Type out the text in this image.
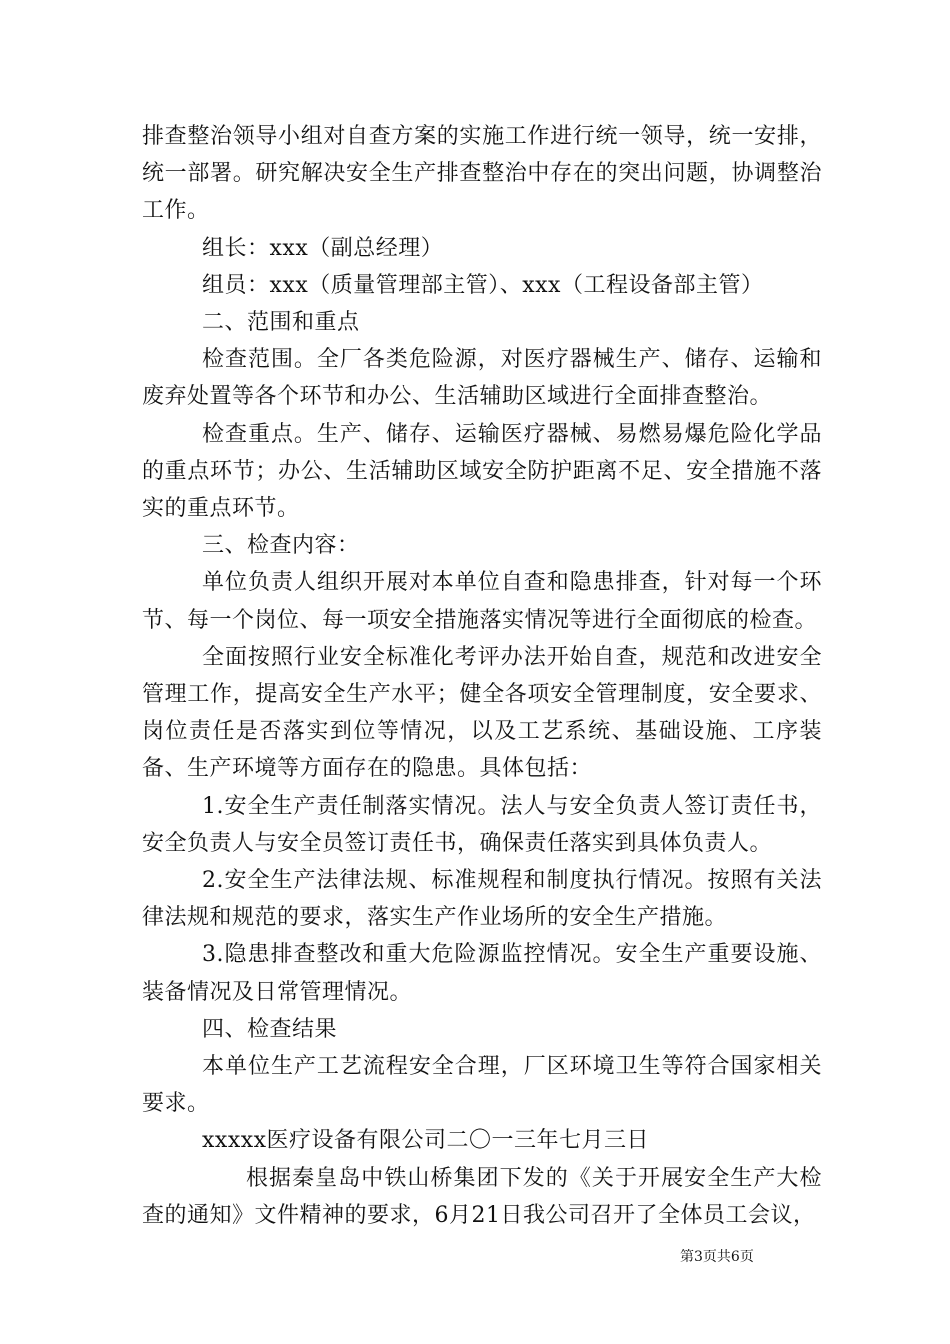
排查整治领导小组对自查方案的实施工作进行统一领导，统一安排，统一部署。研究解决安全生产排查整治中存在的突出问题，协调整治工作。

组长：xxx（副总经理）

组员：xxx（质量管理部主管）、xxx（工程设备部主管）

二、范围和重点

检查范围。全厂各类危险源，对医疗器械生产、储存、运输和废弃处置等各个环节和办公、生活辅助区域进行全面排查整治。

检查重点。生产、储存、运输医疗器械、易燃易爆危险化学品的重点环节；办公、生活辅助区域安全防护距离不足、安全措施不落实的重点环节。

三、检查内容：

单位负责人组织开展对本单位自查和隐患排查，针对每一个环节、每一个岗位、每一项安全措施落实情况等进行全面彻底的检查。

全面按照行业安全标准化考评办法开始自查，规范和改进安全管理工作，提高安全生产水平；健全各项安全管理制度，安全要求、岗位责任是否落实到位等情况，以及工艺系统、基础设施、工序装备、生产环境等方面存在的隐患。具体包括：

1.安全生产责任制落实情况。法人与安全负责人签订责任书，安全负责人与安全员签订责任书，确保责任落实到具体负责人。

2.安全生产法律法规、标准规程和制度执行情况。按照有关法律法规和规范的要求，落实生产作业场所的安全生产措施。

3.隐患排查整改和重大危险源监控情况。安全生产重要设施、装备情况及日常管理情况。

四、检查结果

本单位生产工艺流程安全合理，厂区环境卫生等符合国家相关要求。

xxxxx医疗设备有限公司二〇一三年七月三日

根据秦皇岛中铁山桥集团下发的《关于开展安全生产大检查的通知》文件精神的要求，6月21日我公司召开了全体员工会议，

第3页共6页
